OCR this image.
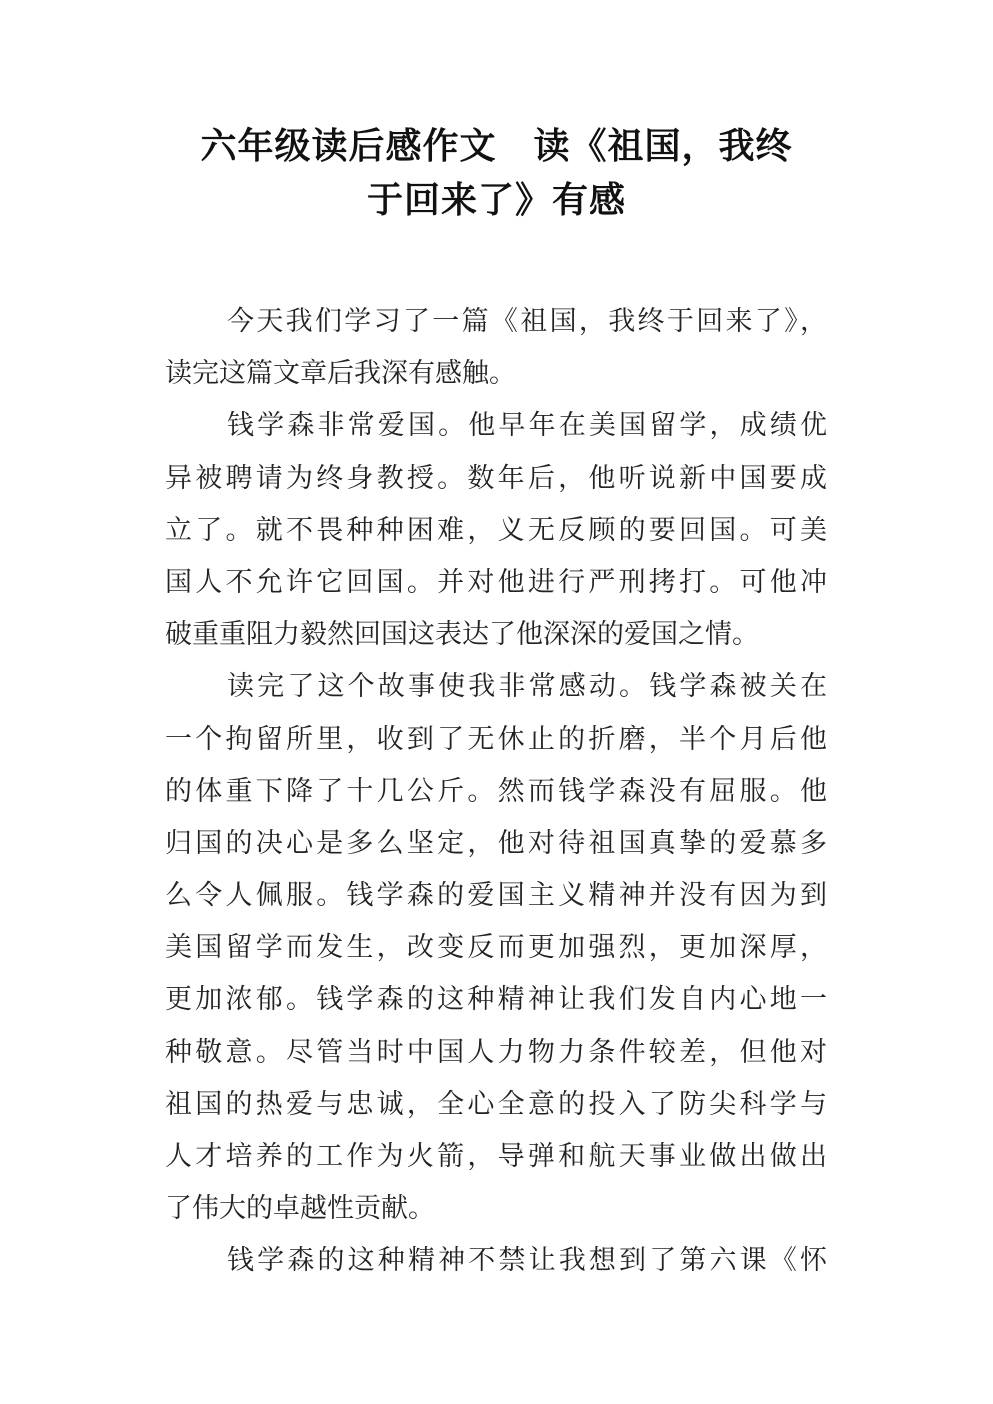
六年级读后感作文　读《祖国，我终
于回来了》有感

今天我们学习了一篇《祖国，我终于回来了》，
读完这篇文章后我深有感触。

钱学森非常爱国。他早年在美国留学，成绩优
异被聘请为终身教授。数年后，他听说新中国要成
立了。就不畏种种困难，义无反顾的要回国。可美
国人不允许它回国。并对他进行严刑拷打。可他冲
破重重阻力毅然回国这表达了他深深的爱国之情。

读完了这个故事使我非常感动。钱学森被关在
一个拘留所里，收到了无休止的折磨，半个月后他
的体重下降了十几公斤。然而钱学森没有屈服。他
归国的决心是多么坚定，他对待祖国真挚的爱慕多
么令人佩服。钱学森的爱国主义精神并没有因为到
美国留学而发生，改变反而更加强烈，更加深厚，
更加浓郁。钱学森的这种精神让我们发自内心地一
种敬意。尽管当时中国人力物力条件较差，但他对
祖国的热爱与忠诚，全心全意的投入了防尖科学与
人才培养的工作为火箭，导弹和航天事业做出做出
了伟大的卓越性贡献。

钱学森的这种精神不禁让我想到了第六课《怀
